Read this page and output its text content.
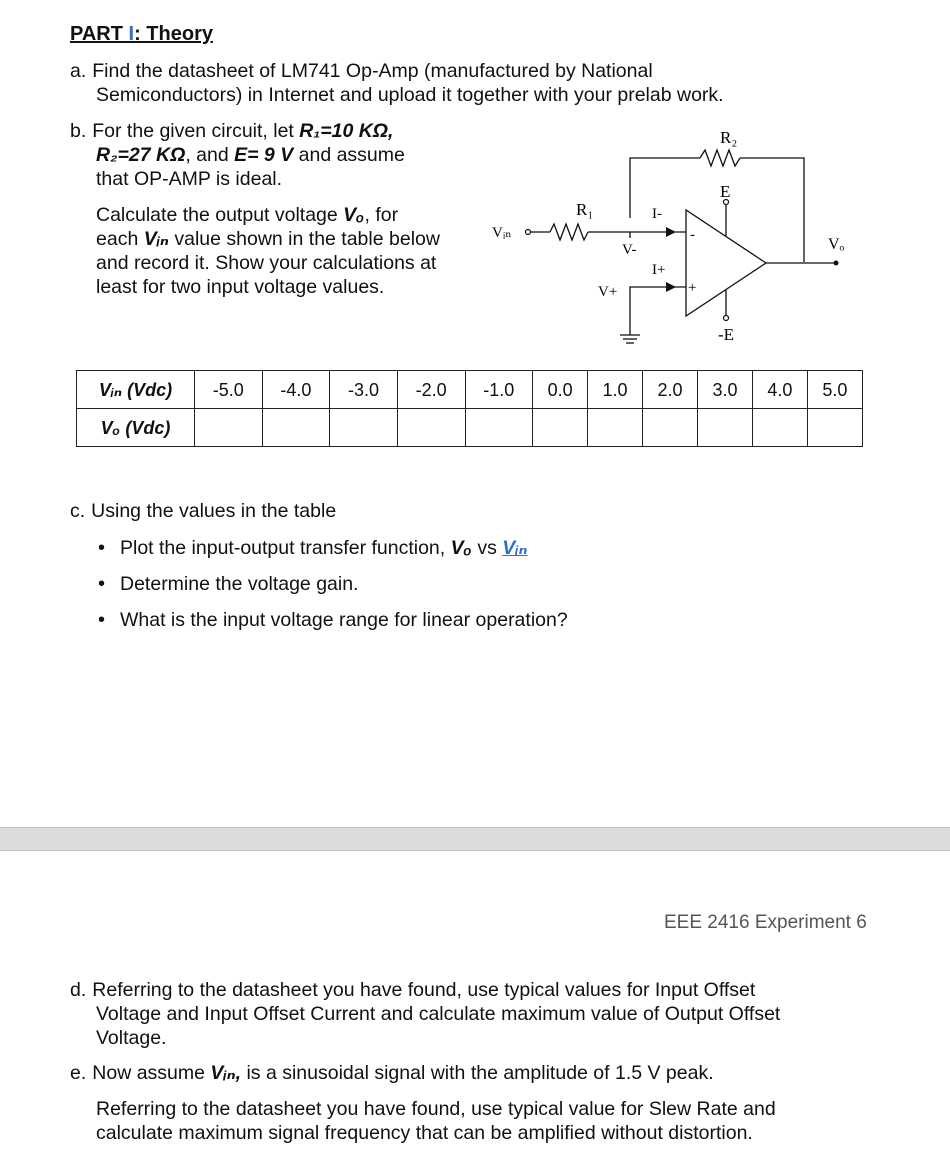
PART I: Theory
a. Find the datasheet of LM741 Op-Amp (manufactured by National
Semiconductors) in Internet and upload it together with your prelab work.
b. For the given circuit, let R₁=10 KΩ,
R₂=27 KΩ, and E= 9 V and assume
that OP-AMP is ideal.
Calculate the output voltage Vₒ, for
each Vᵢₙ value shown in the table below
and record it. Show your calculations at
least for two input voltage values.
R₂
E
R₁
Vᵢₙ
I-
V-
I+
V+
-
+
-E
Vₒ
Vᵢₙ (Vdc)	-5.0	-4.0	-3.0	-2.0	-1.0	0.0	1.0	2.0	3.0	4.0	5.0
Vₒ (Vdc)											
c. Using the values in the table
• Plot the input-output transfer function, Vₒ vs Vᵢₙ
• Determine the voltage gain.
• What is the input voltage range for linear operation?
EEE 2416 Experiment 6
d. Referring to the datasheet you have found, use typical values for Input Offset
Voltage and Input Offset Current and calculate maximum value of Output Offset
Voltage.
e. Now assume Vᵢₙ, is a sinusoidal signal with the amplitude of 1.5 V peak.
Referring to the datasheet you have found, use typical value for Slew Rate and
calculate maximum signal frequency that can be amplified without distortion.
